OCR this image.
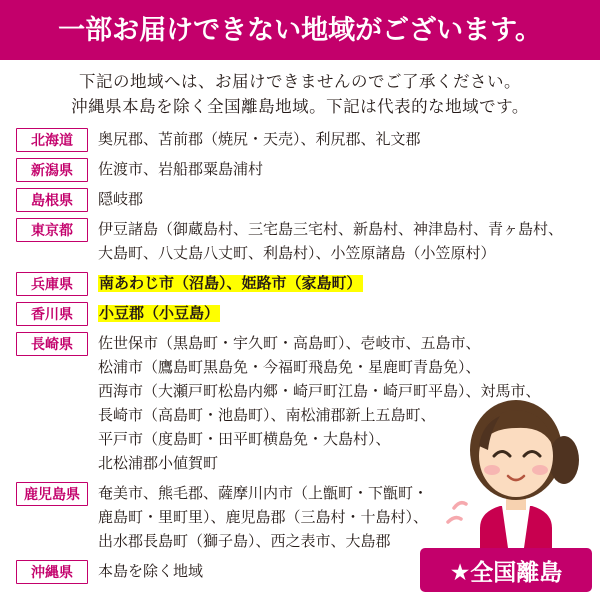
一部お届けできない地域がございます。
下記の地域へは、お届けできませんのでご了承ください。
沖縄県本島を除く全国離島地域。下記は代表的な地域です。
北海道	奥尻郡、苫前郡（焼尻・天売）、利尻郡、礼文郡
新潟県	佐渡市、岩船郡粟島浦村
島根県	隠岐郡
東京都	伊豆諸島（御蔵島村、三宅島三宅村、新島村、神津島村、青ヶ島村、
大島町、八丈島八丈町、利島村）、小笠原諸島（小笠原村）
兵庫県	南あわじ市（沼島）、姫路市（家島町）
香川県	小豆郡（小豆島）
長崎県	佐世保市（黒島町・宇久町・高島町）、壱岐市、五島市、
松浦市（鷹島町黒島免・今福町飛島免・星鹿町青島免）、
西海市（大瀬戸町松島内郷・崎戸町江島・崎戸町平島）、対馬市、
長崎市（高島町・池島町）、南松浦郡新上五島町、
平戸市（度島町・田平町横島免・大島村）、
北松浦郡小値賀町
鹿児島県	奄美市、熊毛郡、薩摩川内市（上甑町・下甑町・
鹿島町・里町里）、鹿児島郡（三島村・十島村）、
出水郡長島町（獅子島）、西之表市、大島郡
沖縄県	本島を除く地域	★全国離島
